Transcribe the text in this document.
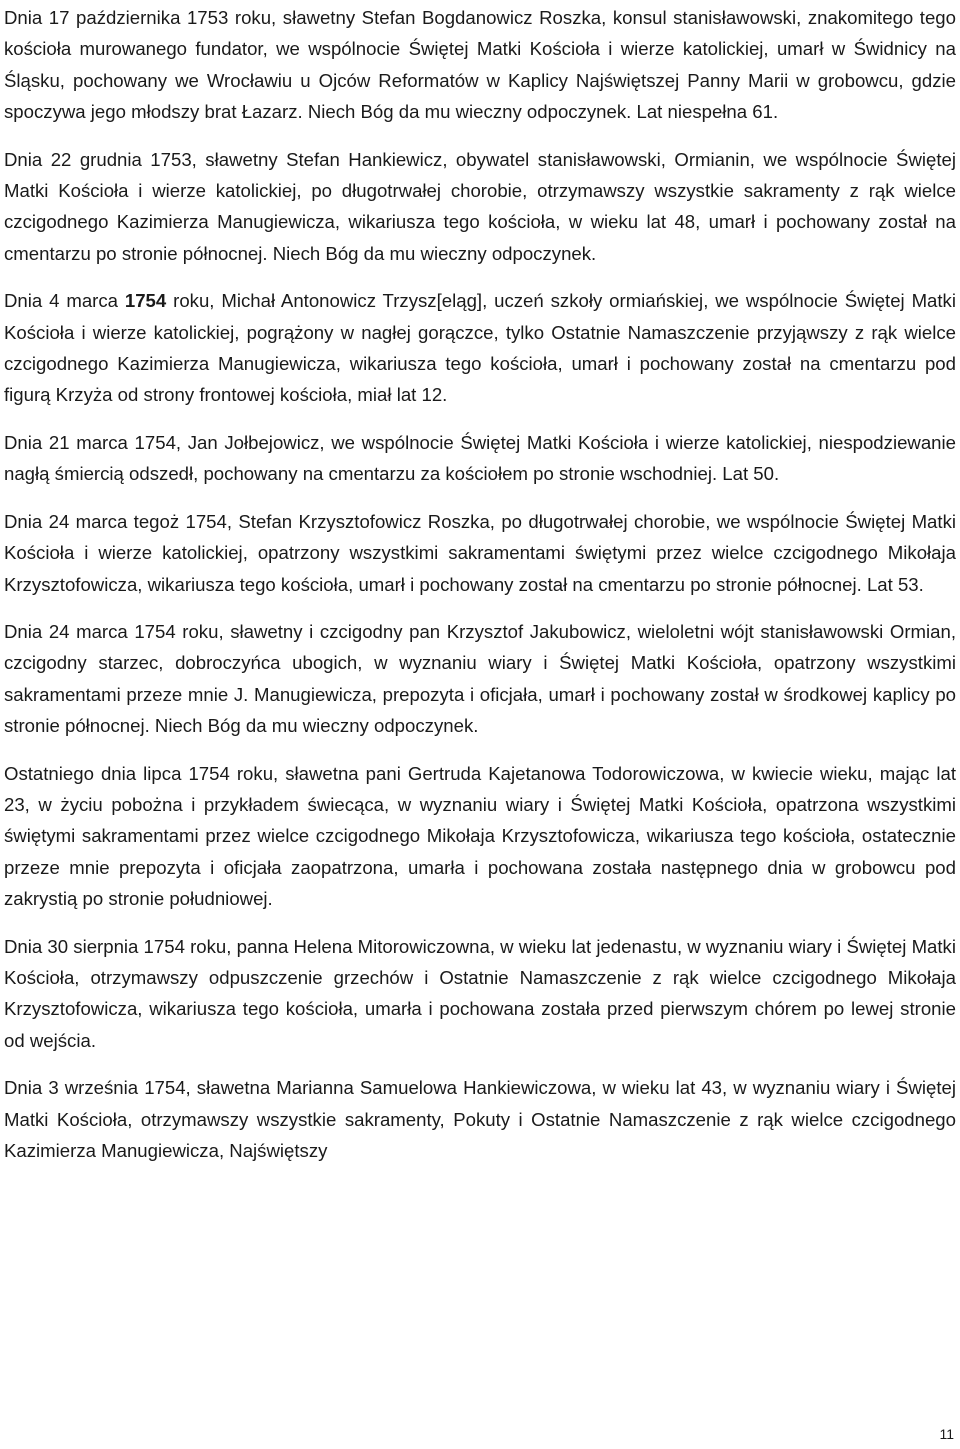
Dnia 17 października 1753 roku, sławetny Stefan Bogdanowicz Roszka, konsul stanisławowski, znakomitego tego kościoła murowanego fundator, we wspólnocie Świętej Matki Kościoła i wierze katolickiej, umarł w Świdnicy na Śląsku, pochowany we Wrocławiu u Ojców Reformatów w Kaplicy Najświętszej Panny Marii w grobowcu, gdzie spoczywa jego młodszy brat Łazarz. Niech Bóg da mu wieczny odpoczynek. Lat niespełna 61.

Dnia 22 grudnia 1753, sławetny Stefan Hankiewicz, obywatel stanisławowski, Ormianin, we wspólnocie Świętej Matki Kościoła i wierze katolickiej, po długotrwałej chorobie, otrzymawszy wszystkie sakramenty z rąk wielce czcigodnego Kazimierza Manugiewicza, wikariusza tego kościoła, w wieku lat 48, umarł i pochowany został na cmentarzu po stronie północnej. Niech Bóg da mu wieczny odpoczynek.

Dnia 4 marca 1754 roku, Michał Antonowicz Trzysz[eląg], uczeń szkoły ormiańskiej, we wspólnocie Świętej Matki Kościoła i wierze katolickiej, pogrążony w nagłej gorączce, tylko Ostatnie Namaszczenie przyjąwszy z rąk wielce czcigodnego Kazimierza Manugiewicza, wikariusza tego kościoła, umarł i pochowany został na cmentarzu pod figurą Krzyża od strony frontowej kościoła, miał lat 12.

Dnia 21 marca 1754, Jan Jołbejowicz, we wspólnocie Świętej Matki Kościoła i wierze katolickiej, niespodziewanie nagłą śmiercią odszedł, pochowany na cmentarzu za kościołem po stronie wschodniej. Lat 50.

Dnia 24 marca tegoż 1754, Stefan Krzysztofowicz Roszka, po długotrwałej chorobie, we wspólnocie Świętej Matki Kościoła i wierze katolickiej, opatrzony wszystkimi sakramentami świętymi przez wielce czcigodnego Mikołaja Krzysztofowicza, wikariusza tego kościoła, umarł i pochowany został na cmentarzu po stronie północnej. Lat 53.

Dnia 24 marca 1754 roku, sławetny i czcigodny pan Krzysztof Jakubowicz, wieloletni wójt stanisławowski Ormian, czcigodny starzec, dobroczyńca ubogich, w wyznaniu wiary i Świętej Matki Kościoła, opatrzony wszystkimi sakramentami przeze mnie J. Manugiewicza, prepozyta i oficjała, umarł i pochowany został w środkowej kaplicy po stronie północnej. Niech Bóg da mu wieczny odpoczynek.

Ostatniego dnia lipca 1754 roku, sławetna pani Gertruda Kajetanowa Todorowiczowa, w kwiecie wieku, mając lat 23, w życiu pobożna i przykładem świecąca, w wyznaniu wiary i Świętej Matki Kościoła, opatrzona wszystkimi świętymi sakramentami przez wielce czcigodnego Mikołaja Krzysztofowicza, wikariusza tego kościoła, ostatecznie przeze mnie prepozyta i oficjała zaopatrzona, umarła i pochowana została następnego dnia w grobowcu pod zakrystią po stronie południowej.

Dnia 30 sierpnia 1754 roku, panna Helena Mitorowiczowna, w wieku lat jedenastu, w wyznaniu wiary i Świętej Matki Kościoła, otrzymawszy odpuszczenie grzechów i Ostatnie Namaszczenie z rąk wielce czcigodnego Mikołaja Krzysztofowicza, wikariusza tego kościoła, umarła i pochowana została przed pierwszym chórem po lewej stronie od wejścia.

Dnia 3 września 1754, sławetna Marianna Samuelowa Hankiewiczowa, w wieku lat 43, w wyznaniu wiary i Świętej Matki Kościoła, otrzymawszy wszystkie sakramenty, Pokuty i Ostatnie Namaszczenie z rąk wielce czcigodnego Kazimierza Manugiewicza, Najświętszy

11
